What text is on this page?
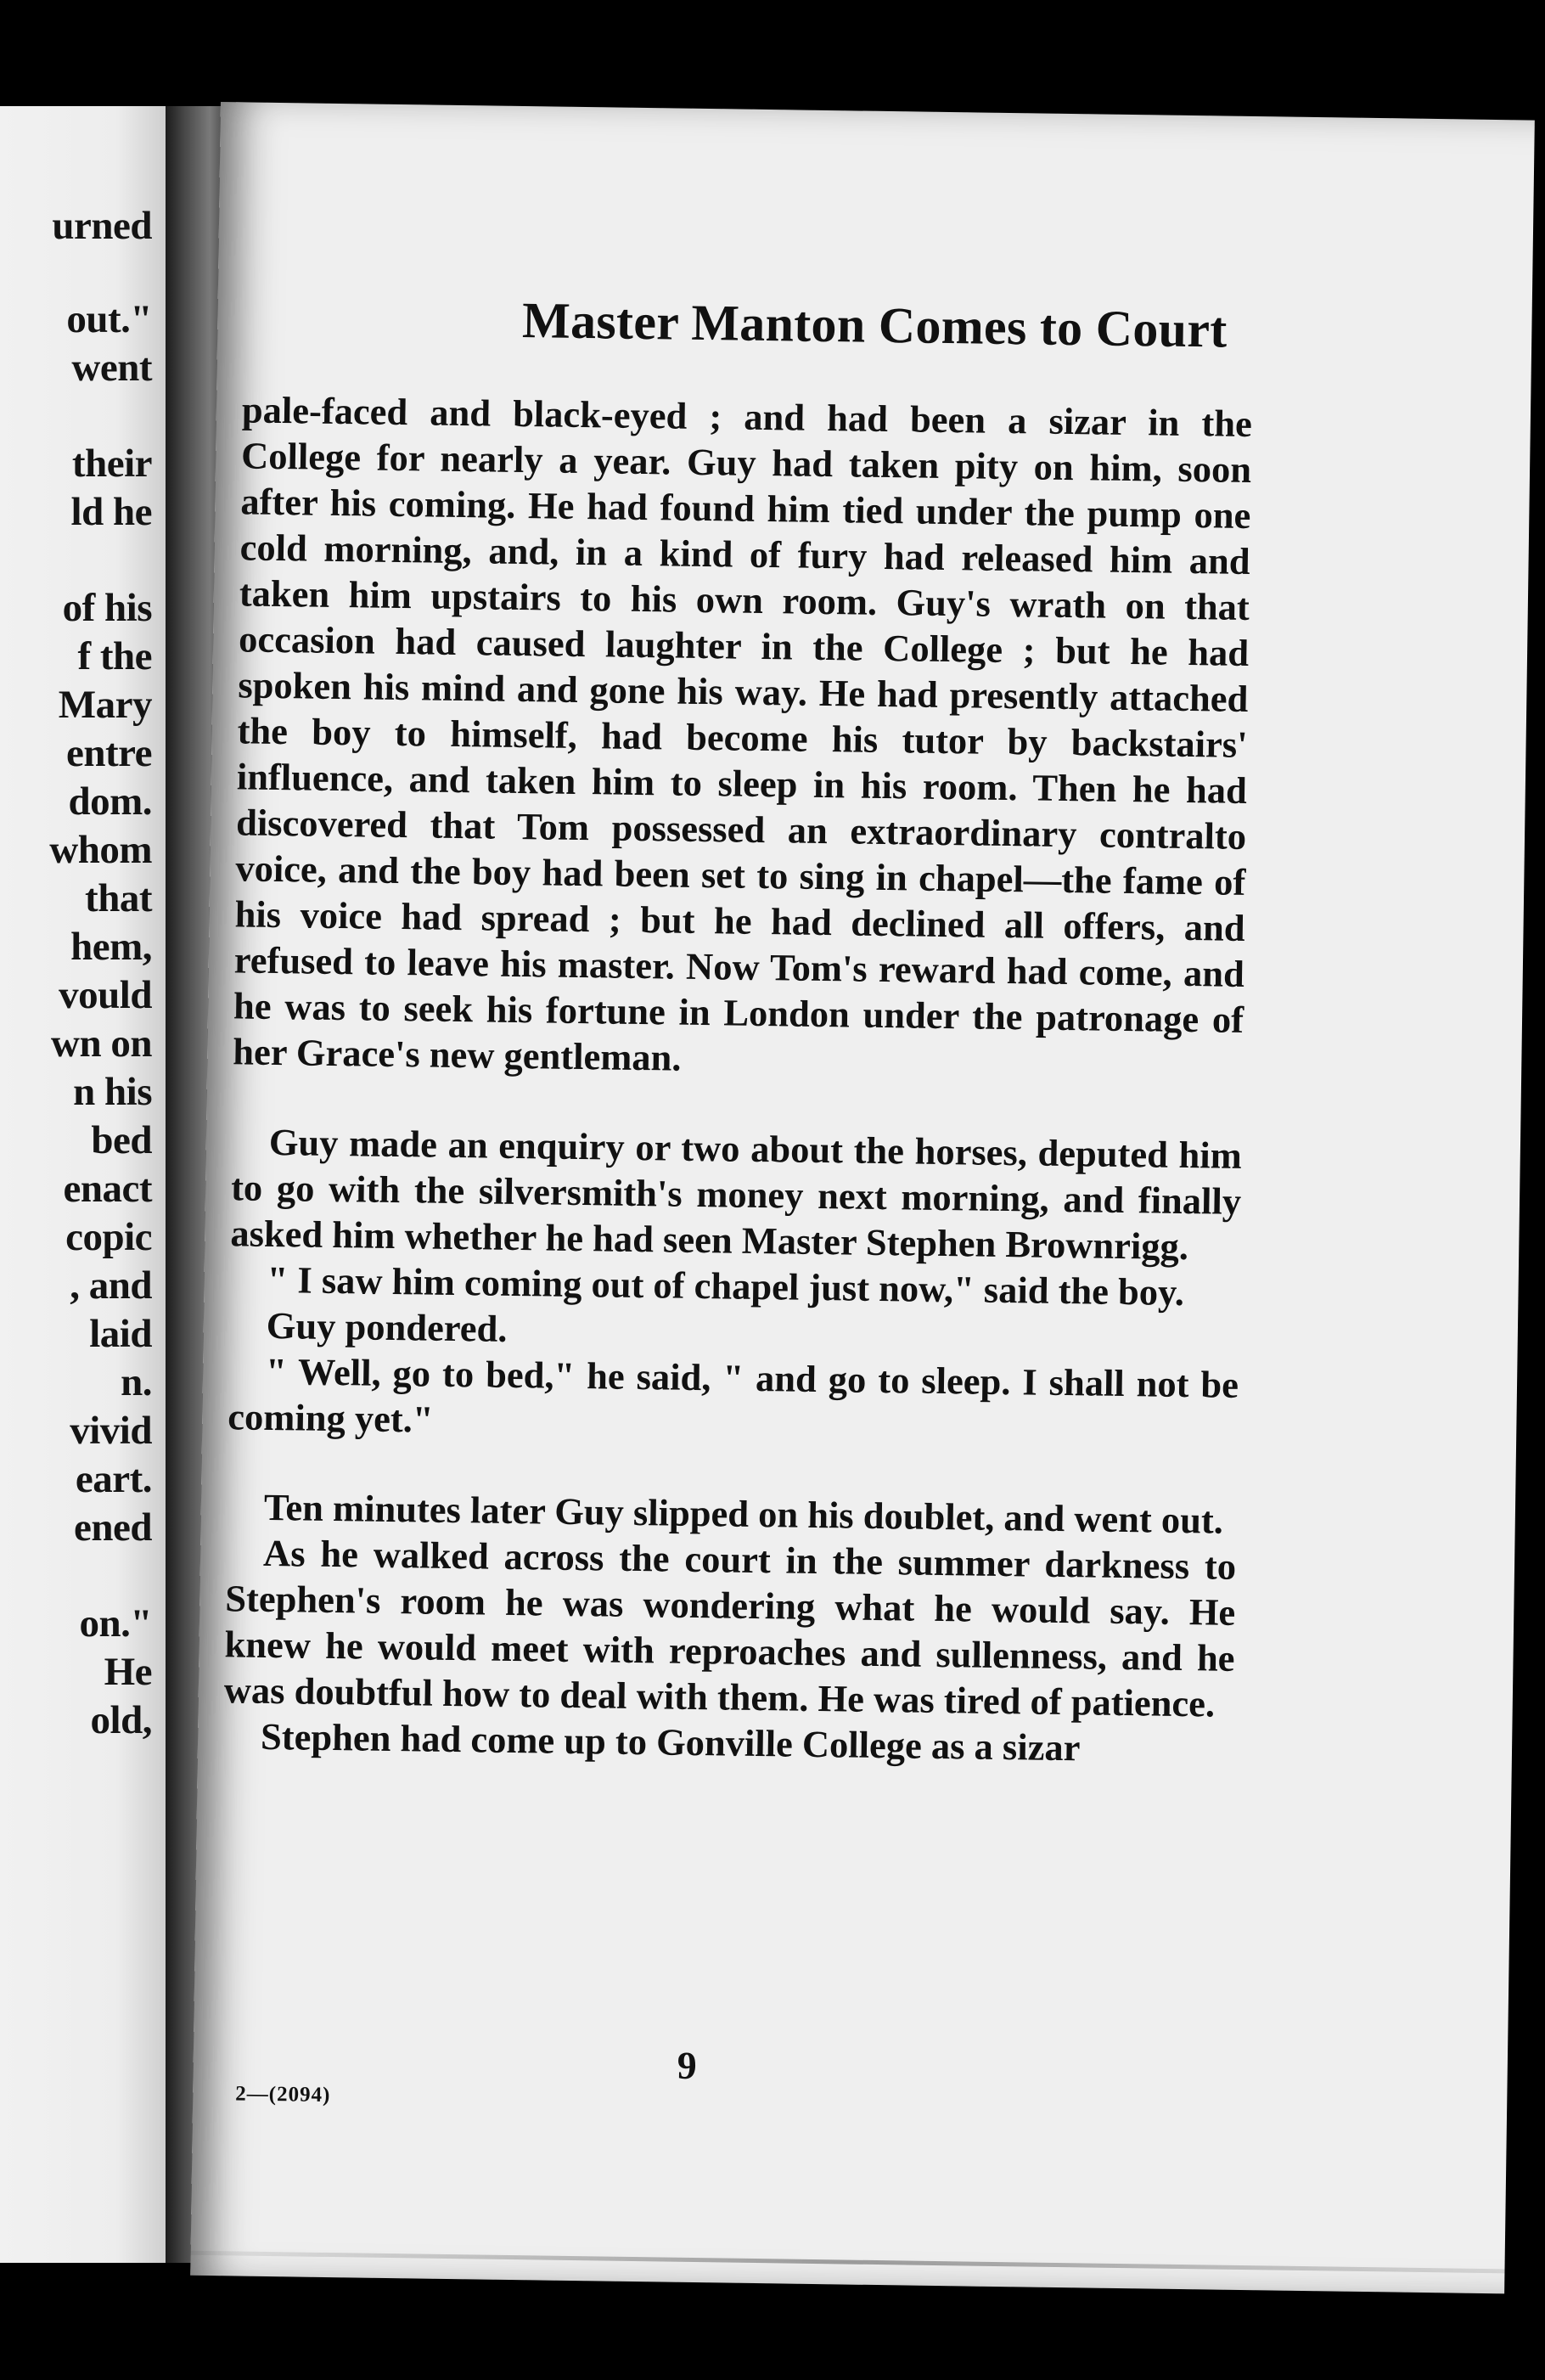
urned
out."
went
their
ld he
of his
f the
Mary
entre
dom.
whom
that
hem,
vould
wn on
n his
bed
enact
copic
, and
laid
n.
vivid
eart.
ened
on."
He
old,
Master Manton Comes to Court

pale-faced and black-eyed ; and had been a sizar in the College for nearly a year. Guy had taken pity on him, soon after his coming. He had found him tied under the pump one cold morning, and, in a kind of fury had released him and taken him upstairs to his own room. Guy's wrath on that occasion had caused laughter in the College ; but he had spoken his mind and gone his way. He had presently attached the boy to himself, had become his tutor by backstairs' influence, and taken him to sleep in his room. Then he had discovered that Tom possessed an extraordinary contralto voice, and the boy had been set to sing in chapel—the fame of his voice had spread ; but he had declined all offers, and refused to leave his master. Now Tom's reward had come, and he was to seek his fortune in London under the patronage of her Grace's new gentleman.

Guy made an enquiry or two about the horses, deputed him to go with the silversmith's money next morning, and finally asked him whether he had seen Master Stephen Brownrigg.

" I saw him coming out of chapel just now," said the boy.

Guy pondered.

" Well, go to bed," he said, " and go to sleep. I shall not be coming yet."

Ten minutes later Guy slipped on his doublet, and went out.

As he walked across the court in the summer darkness to Stephen's room he was wondering what he would say. He knew he would meet with reproaches and sullenness, and he was doubtful how to deal with them. He was tired of patience.

Stephen had come up to Gonville College as a sizar

9
2—(2094)
